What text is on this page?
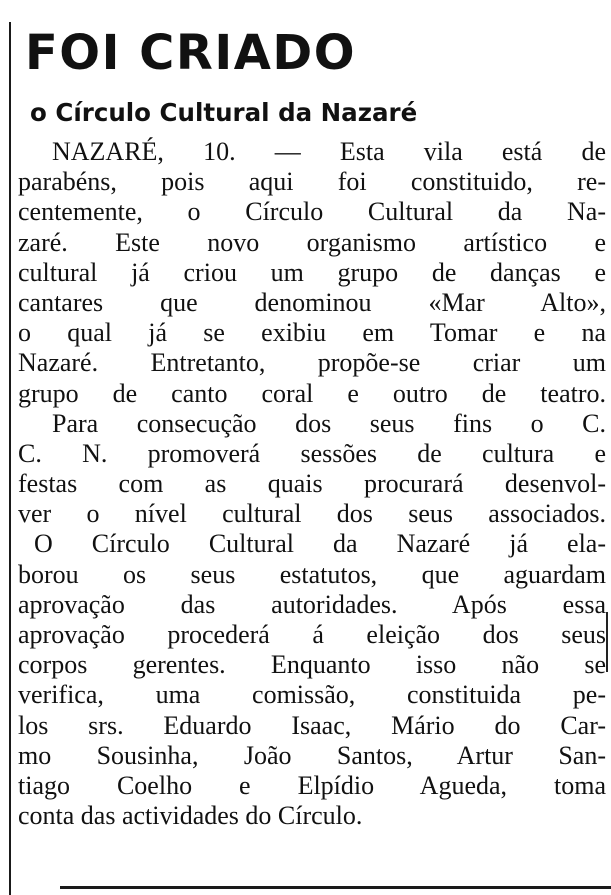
FOI CRIADO
o Círculo Cultural da Nazaré
NAZARÉ, 10. — Esta vila está de
parabéns, pois aqui foi constituido, re-
centemente, o Círculo Cultural da Na-
zaré. Este novo organismo artístico e
cultural já criou um grupo de danças e
cantares que denominou «Mar Alto»,
o qual já se exibiu em Tomar e na
Nazaré. Entretanto, propõe-se criar um
grupo de canto coral e outro de teatro.
Para consecução dos seus fins o C.
C. N. promoverá sessões de cultura e
festas com as quais procurará desenvol-
ver o nível cultural dos seus associados.
O Círculo Cultural da Nazaré já ela-
borou os seus estatutos, que aguardam
aprovação das autoridades. Após essa
aprovação procederá á eleição dos seus
corpos gerentes. Enquanto isso não se
verifica, uma comissão, constituida pe-
los srs. Eduardo Isaac, Mário do Car-
mo Sousinha, João Santos, Artur San-
tiago Coelho e Elpídio Agueda, toma
conta das actividades do Círculo.
